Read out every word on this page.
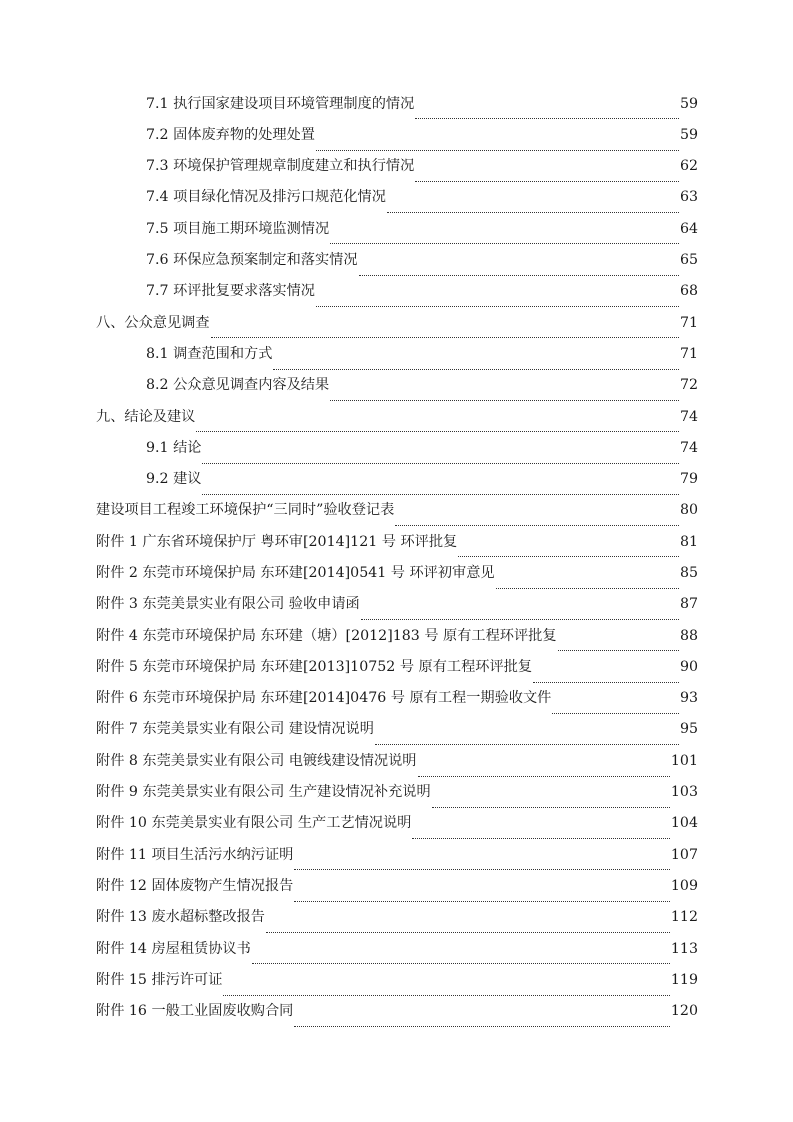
7.1 执行国家建设项目环境管理制度的情况	59
7.2 固体废弃物的处理处置	59
7.3 环境保护管理规章制度建立和执行情况	62
7.4 项目绿化情况及排污口规范化情况	63
7.5 项目施工期环境监测情况	64
7.6 环保应急预案制定和落实情况	65
7.7 环评批复要求落实情况	68
八、公众意见调查	71
8.1 调查范围和方式	71
8.2 公众意见调查内容及结果	72
九、结论及建议	74
9.1 结论	74
9.2 建议	79
建设项目工程竣工环境保护“三同时”验收登记表	80
附件 1 广东省环境保护厅 粤环审[2014]121 号 环评批复	81
附件 2 东莞市环境保护局 东环建[2014]0541 号 环评初审意见	85
附件 3 东莞美景实业有限公司 验收申请函	87
附件 4 东莞市环境保护局 东环建（塘）[2012]183 号 原有工程环评批复	88
附件 5 东莞市环境保护局 东环建[2013]10752 号 原有工程环评批复	90
附件 6 东莞市环境保护局 东环建[2014]0476 号 原有工程一期验收文件	93
附件 7 东莞美景实业有限公司 建设情况说明	95
附件 8 东莞美景实业有限公司 电镀线建设情况说明	101
附件 9 东莞美景实业有限公司 生产建设情况补充说明	103
附件 10 东莞美景实业有限公司 生产工艺情况说明	104
附件 11 项目生活污水纳污证明	107
附件 12 固体废物产生情况报告	109
附件 13 废水超标整改报告	112
附件 14 房屋租赁协议书	113
附件 15 排污许可证	119
附件 16 一般工业固废收购合同	120
